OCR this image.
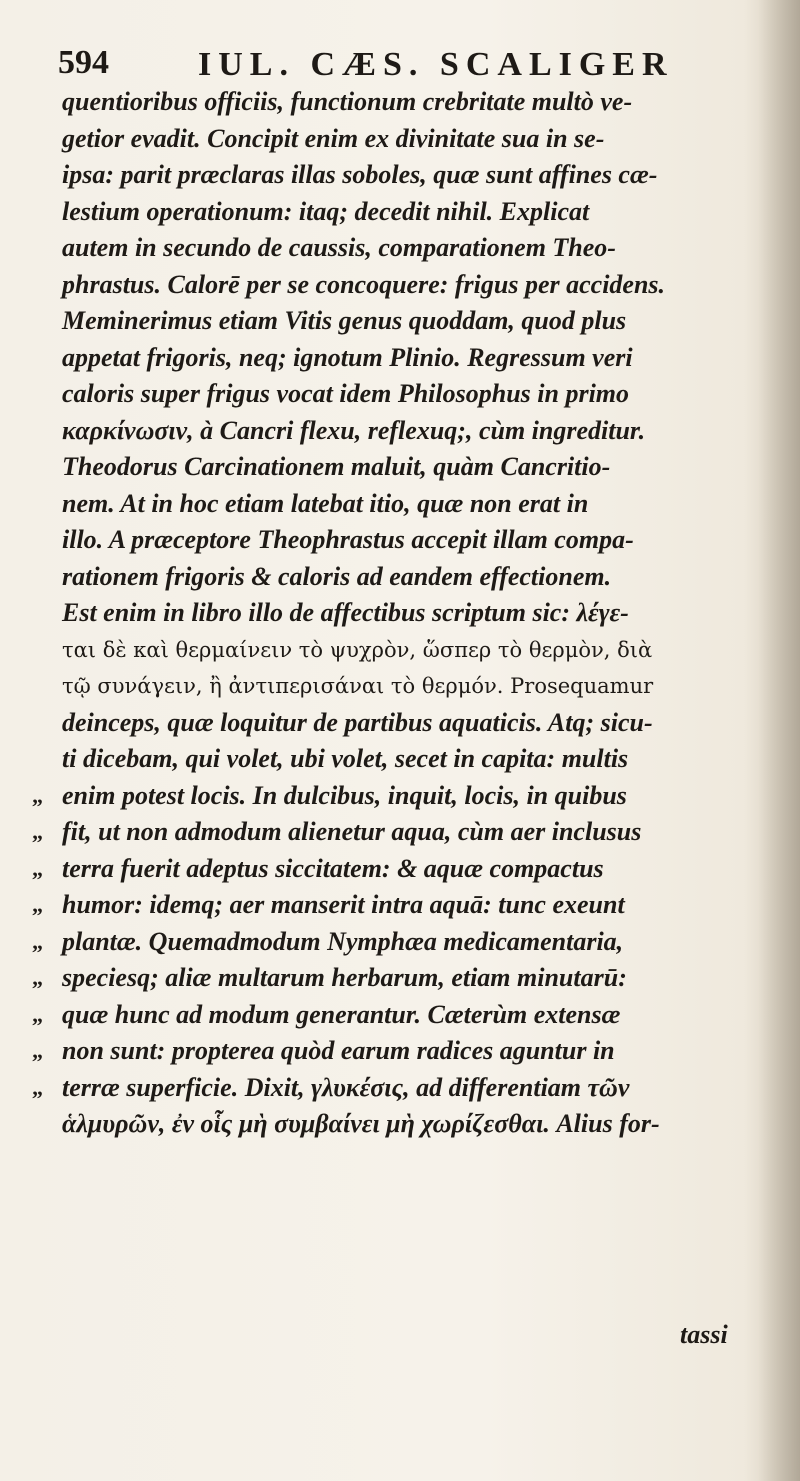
594	IUL. CÆS. SCALIGER
quentioribus officiis, functionum crebritate multò ve-
getior evadit. Concipit enim ex divinitate sua in se-
ipsa: parit præclaras illas soboles, quæ sunt affines cæ-
lestium operationum: itaq; decedit nihil. Explicat
autem in secundo de caussis, comparationem Theo-
phrastus. Calorē per se concoquere: frigus per accidens.
Meminerimus etiam Vitis genus quoddam, quod plus
appetat frigoris, neq; ignotum Plinio. Regressum veri
caloris super frigus vocat idem Philosophus in primo
καρκίνωσιν, à Cancri flexu, reflexuq;, cùm ingreditur.
Theodorus Carcinationem maluit, quàm Cancritio-
nem. At in hoc etiam latebat itio, quæ non erat in
illo. A præceptore Theophrastus accepit illam compa-
rationem frigoris & caloris ad eandem effectionem.
Est enim in libro illo de affectibus scriptum sic: λέγε-
ται δὲ καὶ θερμαίνειν τὸ ψυχρὸν, ὥσπερ τὸ θερμὸν, διὰ
τῷ συνάγειν, ἢ ἀντιπερισάναι τὸ θερμόν. Prosequamur
deinceps, quæ loquitur de partibus aquaticis. Atq; sicu-
ti dicebam, qui volet, ubi volet, secet in capita: multis
„ enim potest locis. In dulcibus, inquit, locis, in quibus
„ fit, ut non admodum alienetur aqua, cùm aer inclusus
„ terra fuerit adeptus siccitatem: & aquæ compactus
„ humor: idemq; aer manserit intra aquā: tunc exeunt
„ plantæ. Quemadmodum Nymphæa medicamentaria,
„ speciesq; aliæ multarum herbarum, etiam minutarū:
„ quæ hunc ad modum generantur. Cæterùm extensæ
„ non sunt: propterea quòd earum radices aguntur in
„ terræ superficie. Dixit, γλυκέσις, ad differentiam τῶν
ἁλμυρῶν, ἐν οἷς μὴ συμβαίνει μὴ χωρίζεσθαι. Alius for-
tassi
